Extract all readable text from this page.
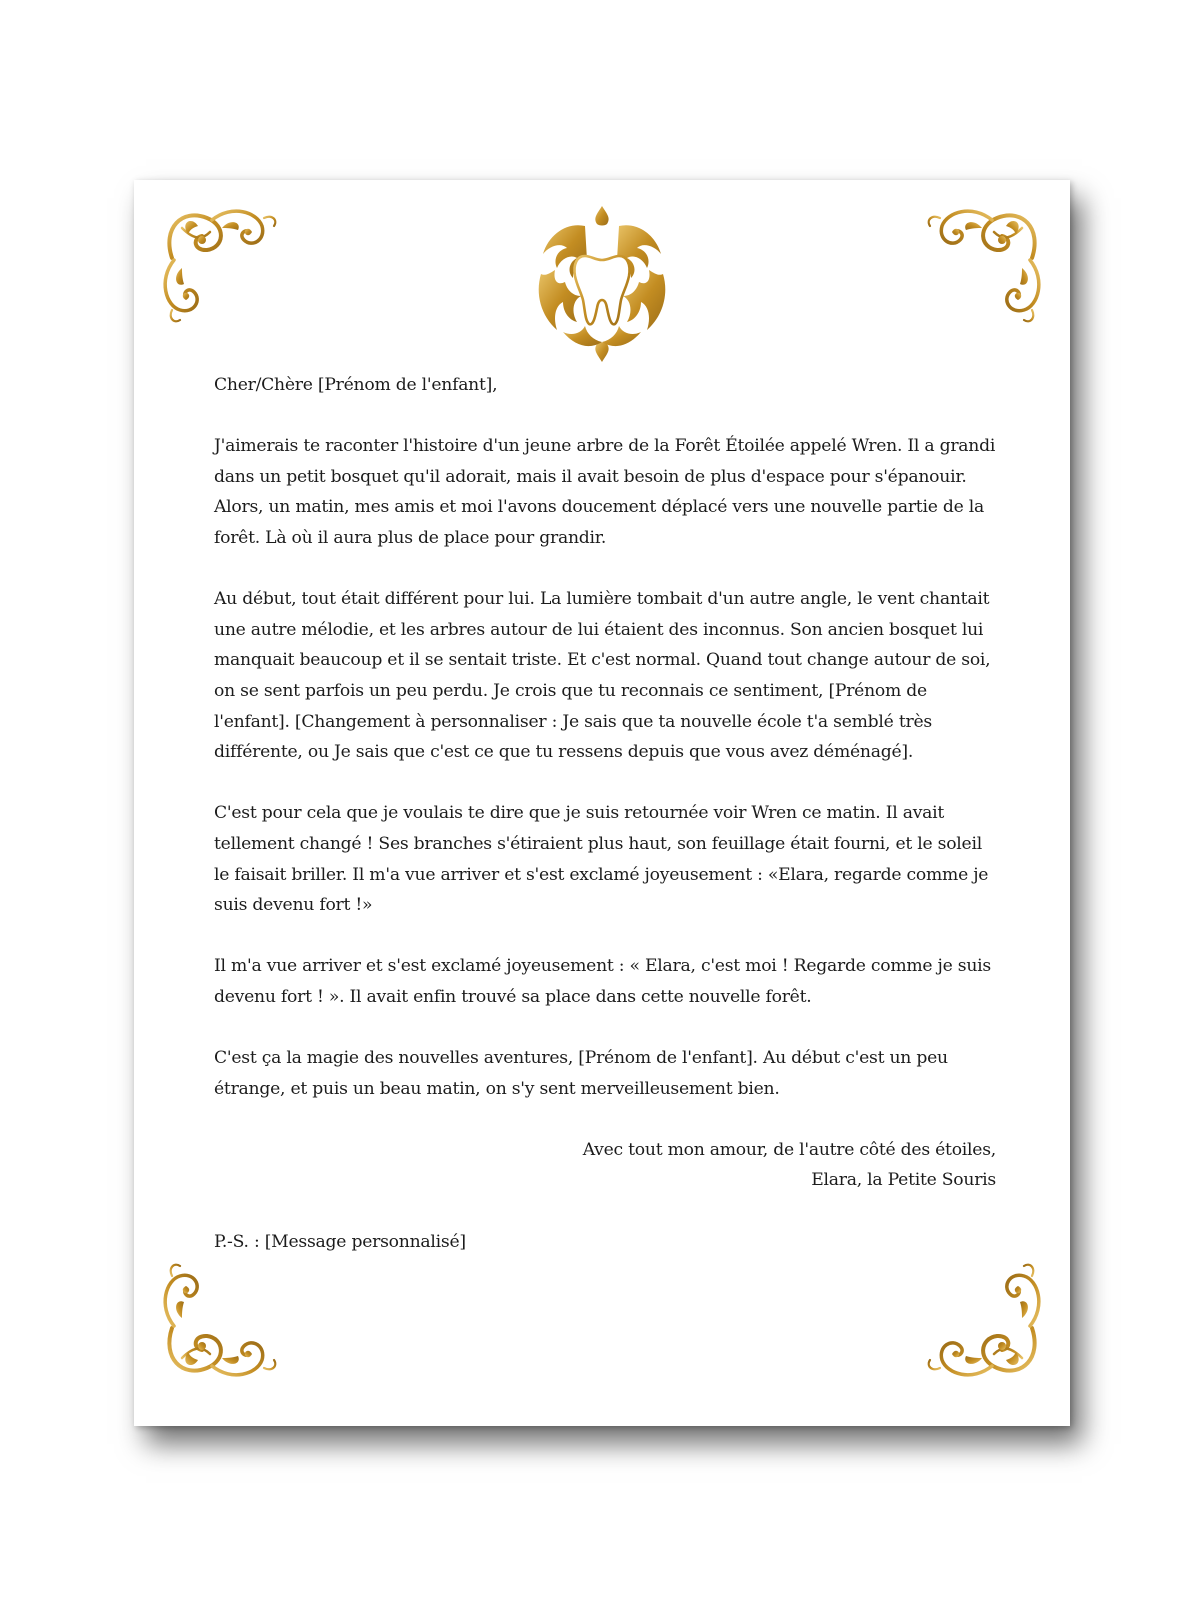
Cher/Chère [Prénom de l'enfant],

J'aimerais te raconter l'histoire d'un jeune arbre de la Forêt Étoilée appelé Wren. Il a grandi dans un petit bosquet qu'il adorait, mais il avait besoin de plus d'espace pour s'épanouir. Alors, un matin, mes amis et moi l'avons doucement déplacé vers une nouvelle partie de la forêt. Là où il aura plus de place pour grandir.

Au début, tout était différent pour lui. La lumière tombait d'un autre angle, le vent chantait une autre mélodie, et les arbres autour de lui étaient des inconnus. Son ancien bosquet lui manquait beaucoup et il se sentait triste. Et c'est normal. Quand tout change autour de soi, on se sent parfois un peu perdu. Je crois que tu reconnais ce sentiment, [Prénom de l'enfant]. [Changement à personnaliser : Je sais que ta nouvelle école t'a semblé très différente, ou Je sais que c'est ce que tu ressens depuis que vous avez déménagé].

C'est pour cela que je voulais te dire que je suis retournée voir Wren ce matin. Il avait tellement changé ! Ses branches s'étiraient plus haut, son feuillage était fourni, et le soleil le faisait briller. Il m'a vue arriver et s'est exclamé joyeusement : «Elara, regarde comme je suis devenu fort !»

Il m'a vue arriver et s'est exclamé joyeusement : « Elara, c'est moi ! Regarde comme je suis devenu fort ! ». Il avait enfin trouvé sa place dans cette nouvelle forêt.

C'est ça la magie des nouvelles aventures, [Prénom de l'enfant]. Au début c'est un peu étrange, et puis un beau matin, on s'y sent merveilleusement bien.

Avec tout mon amour, de l'autre côté des étoiles,
Elara, la Petite Souris

P.-S. : [Message personnalisé]
